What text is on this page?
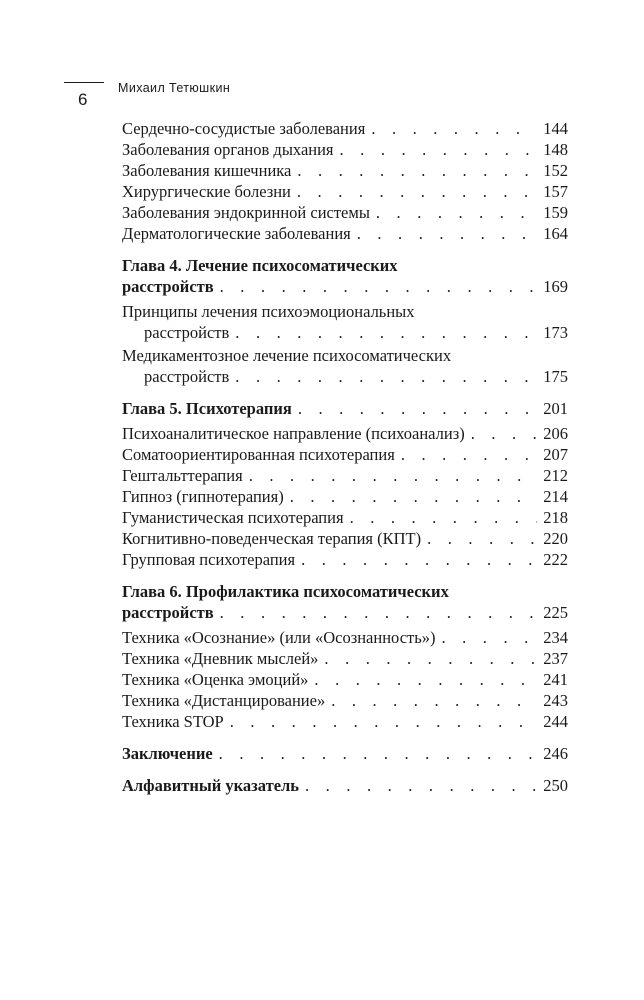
6
Михаил Тетюшкин
Сердечно-сосудистые заболевания . . .	144
Заболевания органов дыхания . . .	148
Заболевания кишечника . . .	152
Хирургические болезни . . .	157
Заболевания эндокринной системы . . .	159
Дерматологические заболевания . . .	164
Глава 4. Лечение психосоматических
расстройств . . .	169
Принципы лечения психоэмоциональных
расстройств . . .	173
Медикаментозное лечение психосоматических
расстройств . . .	175
Глава 5. Психотерапия . . .	201
Психоаналитическое направление (психоанализ) . . .	206
Соматоориентированная психотерапия . . .	207
Гештальттерапия . . .	212
Гипноз (гипнотерапия) . . .	214
Гуманистическая психотерапия . . .	218
Когнитивно-поведенческая терапия (КПТ) . . .	220
Групповая психотерапия . . .	222
Глава 6. Профилактика психосоматических
расстройств . . .	225
Техника «Осознание» (или «Осознанность») . . .	234
Техника «Дневник мыслей» . . .	237
Техника «Оценка эмоций» . . .	241
Техника «Дистанцирование» . . .	243
Техника STOP . . .	244
Заключение . . .	246
Алфавитный указатель . . .	250
